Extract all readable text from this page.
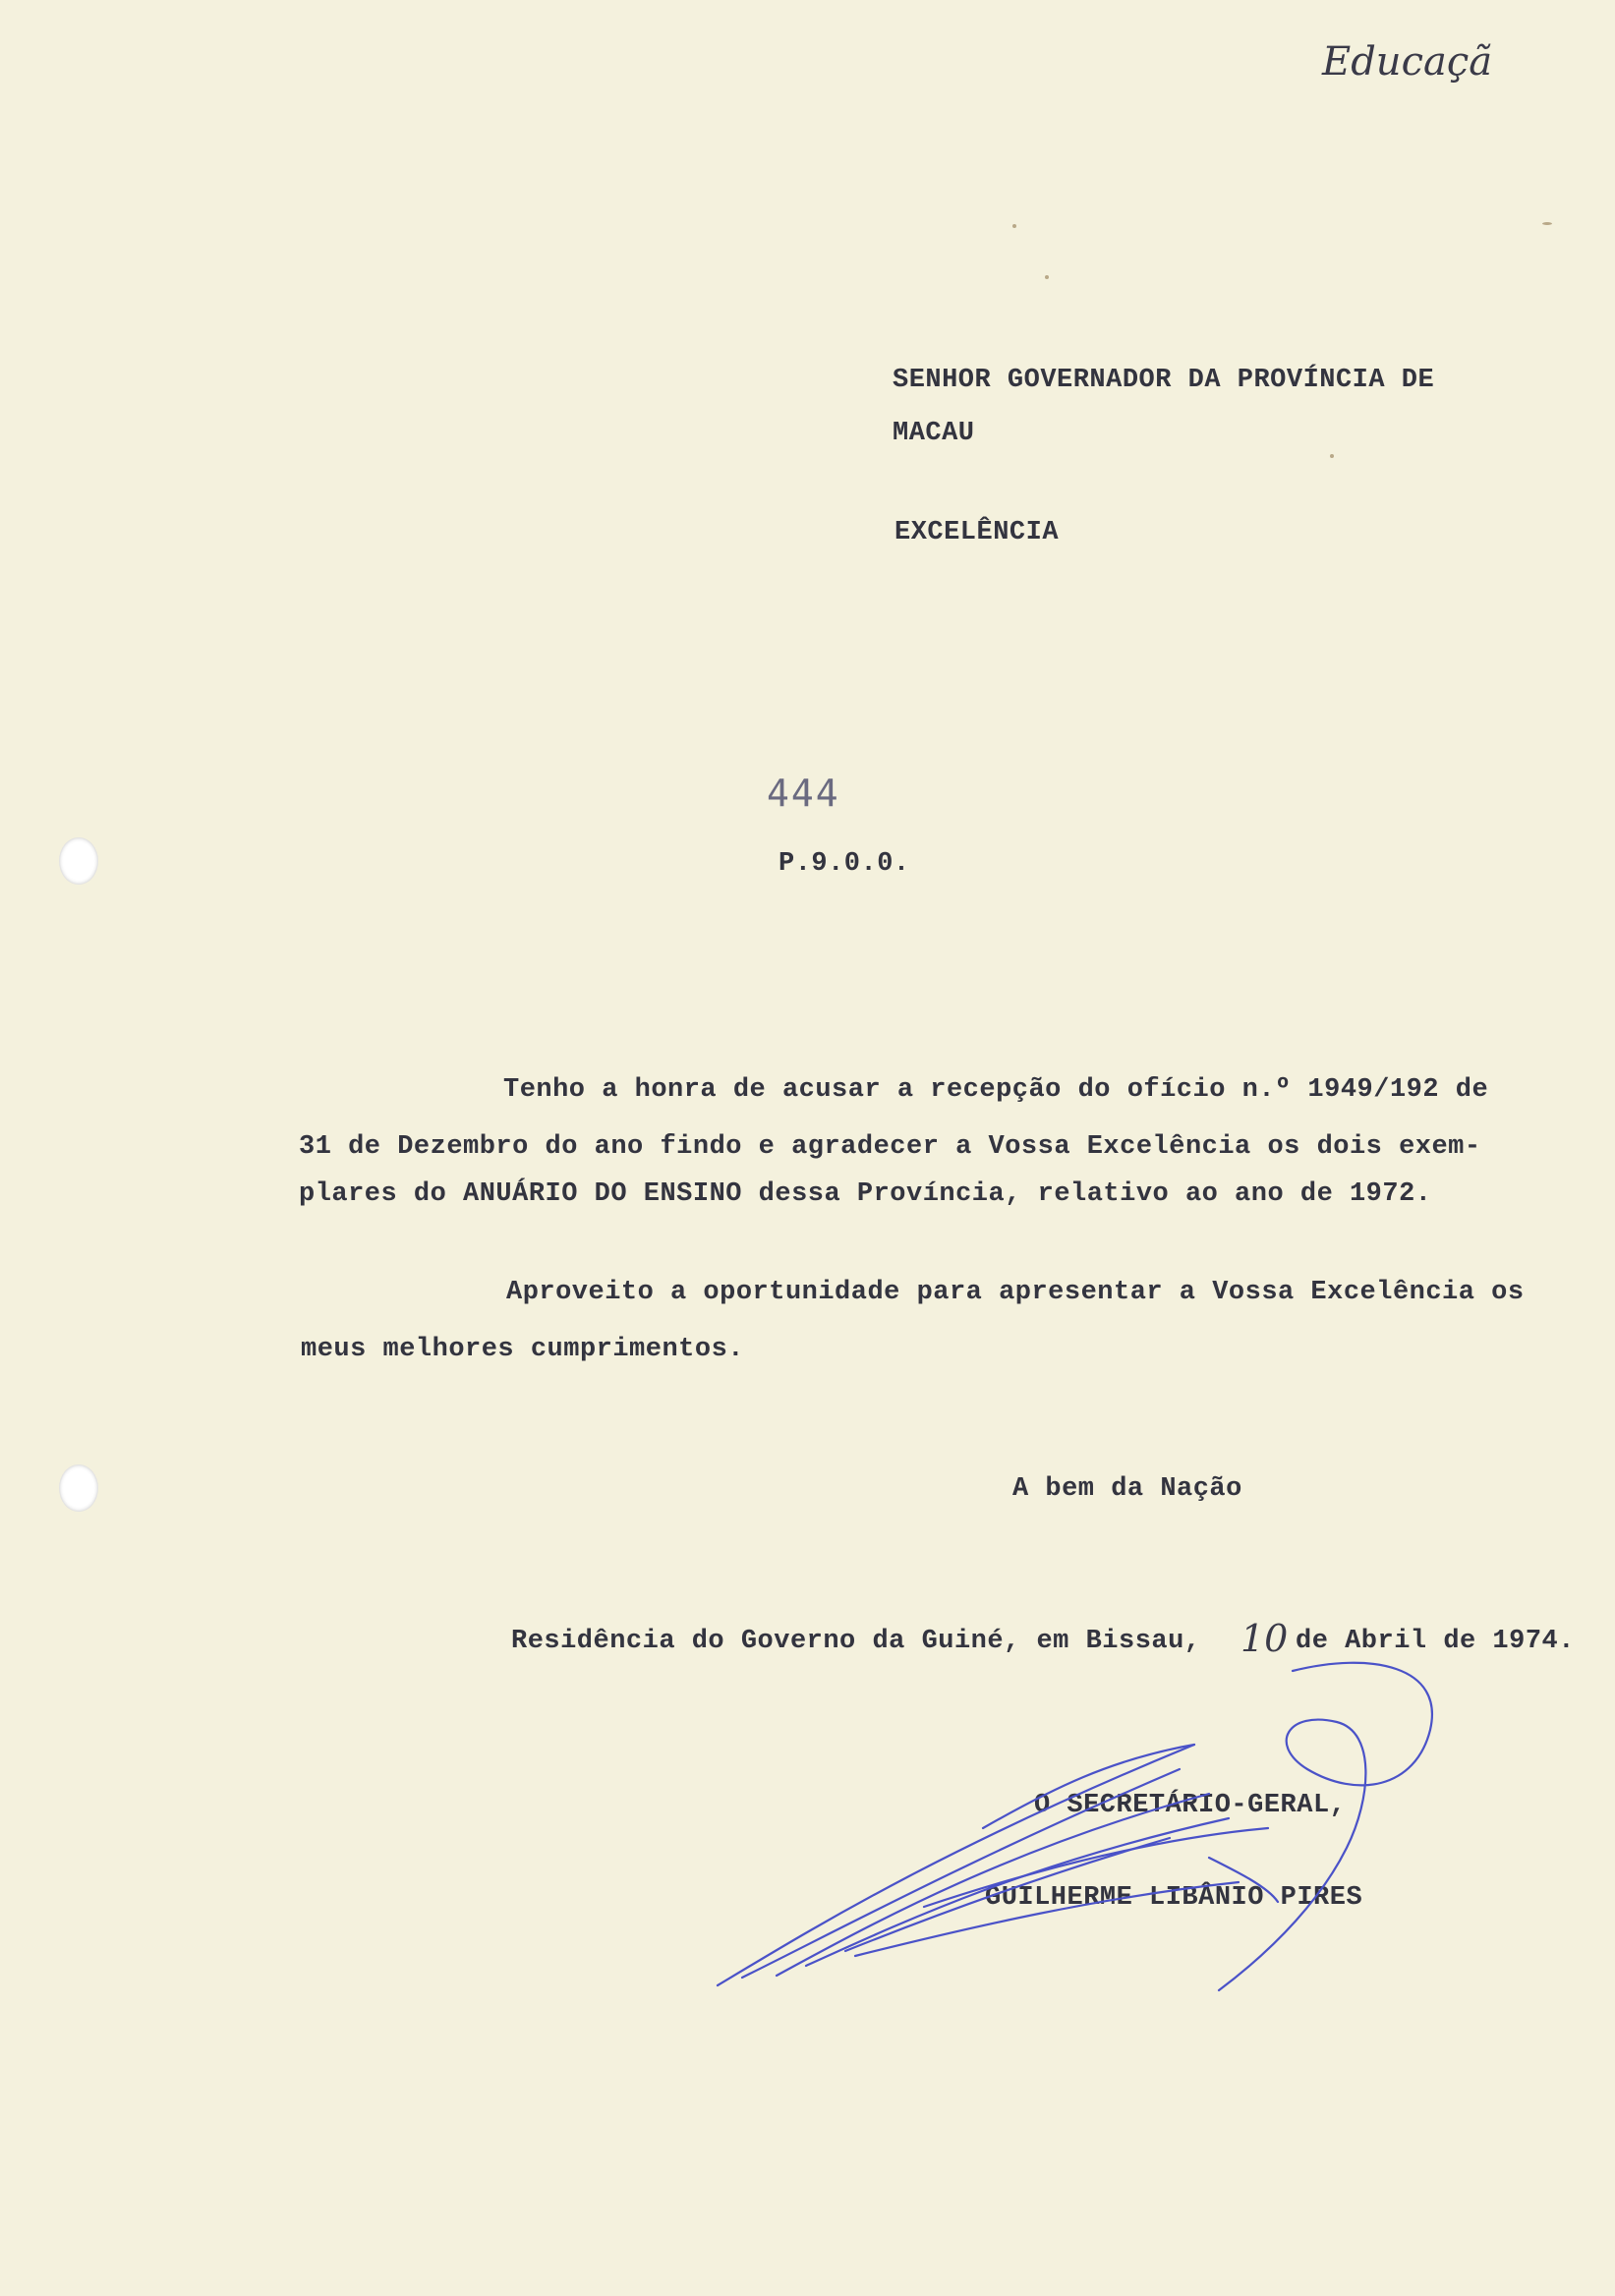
Educaçã
SENHOR GOVERNADOR DA PROVÍNCIA DE
MACAU
EXCELÊNCIA
444
P.9.0.0.
Tenho a honra de acusar a recepção do ofício n.º 1949/192 de
31 de Dezembro do ano findo e agradecer a Vossa Excelência os dois exem-
plares do ANUÁRIO DO ENSINO dessa Província, relativo ao ano de 1972.
Aproveito a oportunidade para apresentar a Vossa Excelência os
meus melhores cumprimentos.
A bem da Nação
Residência do Governo da Guiné, em Bissau, 10 de Abril de 1974.
O SECRETÁRIO-GERAL,
GUILHERME LIBÂNIO PIRES
